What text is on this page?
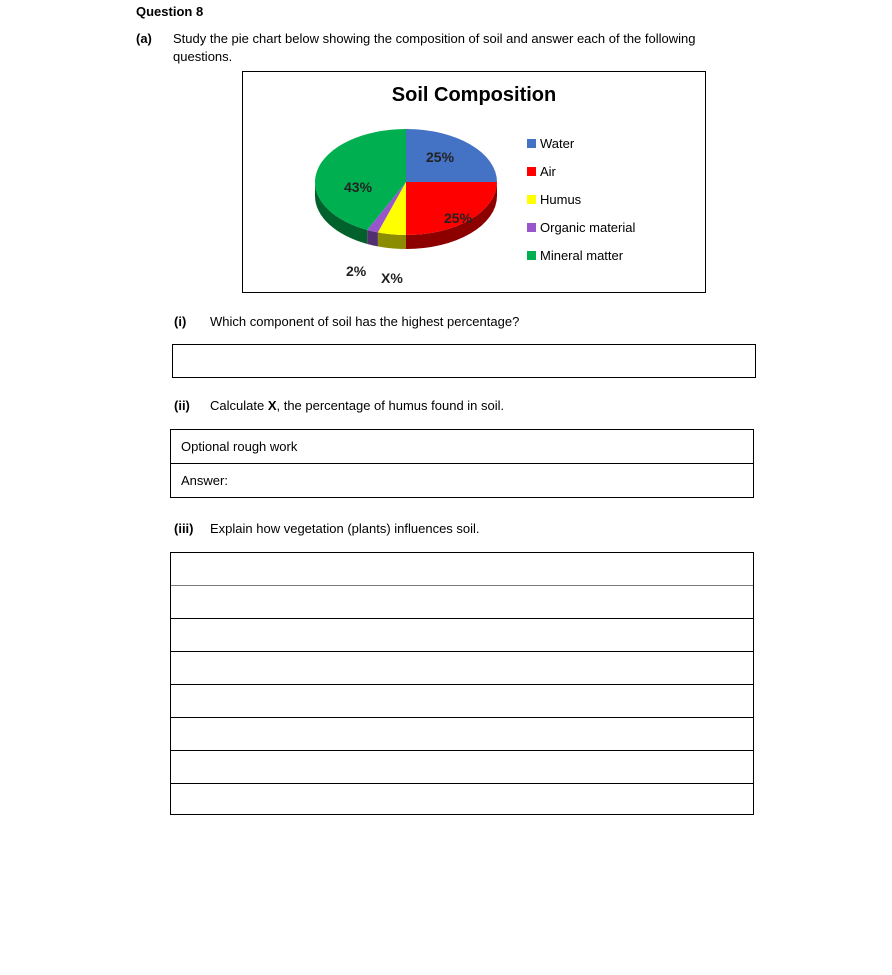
Question 8
(a) Study the pie chart below showing the composition of soil and answer each of the following
questions.
Soil Composition
25%
25%
X%
2%
43%
Water
Air
Humus
Organic material
Mineral matter
(i) Which component of soil has the highest percentage?
(ii) Calculate X, the percentage of humus found in soil.
Optional rough work
Answer:
(iii) Explain how vegetation (plants) influences soil.
